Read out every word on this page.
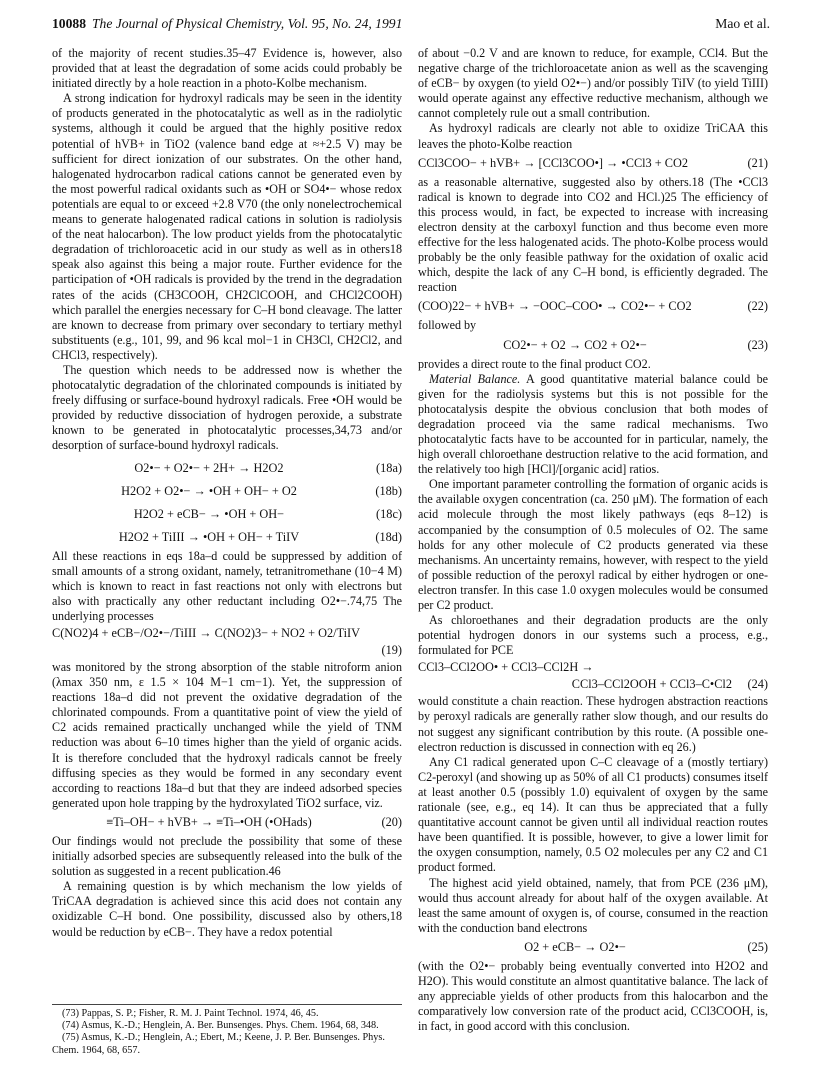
10088 The Journal of Physical Chemistry, Vol. 95, No. 24, 1991	Mao et al.

of the majority of recent studies.35–47 Evidence is, however, also provided that at least the degradation of some acids could probably be initiated directly by a hole reaction in a photo-Kolbe mechanism.

A strong indication for hydroxyl radicals may be seen in the identity of products generated in the photocatalytic as well as in the radiolytic systems, although it could be argued that the highly positive redox potential of hVB+ in TiO2 (valence band edge at ≈+2.5 V) may be sufficient for direct ionization of our substrates. On the other hand, halogenated hydrocarbon radical cations cannot be generated even by the most powerful radical oxidants such as •OH or SO4•− whose redox potentials are equal to or exceed +2.8 V70 (the only nonelectrochemical means to generate halogenated radical cations in solution is radiolysis of the neat halocarbon). The low product yields from the photocatalytic degradation of trichloroacetic acid in our study as well as in others18 speak also against this being a major route. Further evidence for the participation of •OH radicals is provided by the trend in the degradation rates of the acids (CH3COOH, CH2ClCOOH, and CHCl2COOH) which parallel the energies necessary for C–H bond cleavage. The latter are known to decrease from primary over secondary to tertiary methyl substituents (e.g., 101, 99, and 96 kcal mol−1 in CH3Cl, CH2Cl2, and CHCl3, respectively).

The question which needs to be addressed now is whether the photocatalytic degradation of the chlorinated compounds is initiated by freely diffusing or surface-bound hydroxyl radicals. Free •OH would be provided by reductive dissociation of hydrogen peroxide, a substrate known to be generated in photocatalytic processes,34,73 and/or desorption of surface-bound hydroxyl radicals.

O2•− + O2•− + 2H+ → H2O2	(18a)
H2O2 + O2•− → •OH + OH− + O2	(18b)
H2O2 + eCB− → •OH + OH−	(18c)
H2O2 + TiIII → •OH + OH− + TiIV	(18d)

All these reactions in eqs 18a–d could be suppressed by addition of small amounts of a strong oxidant, namely, tetranitromethane (10−4 M) which is known to react in fast reactions not only with electrons but also with practically any other reductant including O2•−.74,75 The underlying processes

C(NO2)4 + eCB−/O2•−/TiIII → C(NO2)3− + NO2 + O2/TiIV
(19)

was monitored by the strong absorption of the stable nitroform anion (λmax 350 nm, ε 1.5 × 104 M−1 cm−1). Yet, the suppression of reactions 18a–d did not prevent the oxidative degradation of the chlorinated compounds. From a quantitative point of view the yield of C2 acids remained practically unchanged while the yield of TNM reduction was about 6–10 times higher than the yield of organic acids. It is therefore concluded that the hydroxyl radicals cannot be freely diffusing species as they would be formed in any secondary event according to reactions 18a–d but that they are indeed adsorbed species generated upon hole trapping by the hydroxylated TiO2 surface, viz.

≡Ti–OH− + hVB+ → ≡Ti–•OH (•OHads)	(20)

Our findings would not preclude the possibility that some of these initially adsorbed species are subsequently released into the bulk of the solution as suggested in a recent publication.46

A remaining question is by which mechanism the low yields of TriCAA degradation is achieved since this acid does not contain any oxidizable C–H bond. One possibility, discussed also by others,18 would be reduction by eCB−. They have a redox potential

(73) Pappas, S. P.; Fisher, R. M. J. Paint Technol. 1974, 46, 45.
(74) Asmus, K.-D.; Henglein, A. Ber. Bunsenges. Phys. Chem. 1964, 68, 348.
(75) Asmus, K.-D.; Henglein, A.; Ebert, M.; Keene, J. P. Ber. Bunsenges. Phys. Chem. 1964, 68, 657.

of about −0.2 V and are known to reduce, for example, CCl4. But the negative charge of the trichloroacetate anion as well as the scavenging of eCB− by oxygen (to yield O2•−) and/or possibly TiIV (to yield TiIII) would operate against any effective reductive mechanism, although we cannot completely rule out a small contribution.

As hydroxyl radicals are clearly not able to oxidize TriCAA this leaves the photo-Kolbe reaction

CCl3COO− + hVB+ → [CCl3COO•] → •CCl3 + CO2	(21)

as a reasonable alternative, suggested also by others.18 (The •CCl3 radical is known to degrade into CO2 and HCl.)25 The efficiency of this process would, in fact, be expected to increase with increasing electron density at the carboxyl function and thus become even more effective for the less halogenated acids. The photo-Kolbe process would probably be the only feasible pathway for the oxidation of oxalic acid which, despite the lack of any C–H bond, is efficiently degraded. The reaction

(COO)22− + hVB+ → −OOC–COO• → CO2•− + CO2	(22)

followed by

CO2•− + O2 → CO2 + O2•−	(23)

provides a direct route to the final product CO2.

Material Balance. A good quantitative material balance could be given for the radiolysis systems but this is not possible for the photocatalysis despite the obvious conclusion that both modes of degradation proceed via the same radical mechanisms. Two photocatalytic facts have to be accounted for in particular, namely, the high overall chloroethane destruction relative to the acid formation, and the relatively too high [HCl]/[organic acid] ratios.

One important parameter controlling the formation of organic acids is the available oxygen concentration (ca. 250 μM). The formation of each acid molecule through the most likely pathways (eqs 8–12) is accompanied by the consumption of 0.5 molecules of O2. The same holds for any other molecule of C2 products generated via these mechanisms. An uncertainty remains, however, with respect to the yield of possible reduction of the peroxyl radical by either hydrogen or one-electron transfer. In this case 1.0 oxygen molecules would be consumed per C2 product.

As chloroethanes and their degradation products are the only potential hydrogen donors in our systems such a process, e.g., formulated for PCE

CCl3–CCl2OO• + CCl3–CCl2H →
CCl3–CCl2OOH + CCl3–C•Cl2 (24)

would constitute a chain reaction. These hydrogen abstraction reactions by peroxyl radicals are generally rather slow though, and our results do not suggest any significant contribution by this route. (A possible one-electron reduction is discussed in connection with eq 26.)

Any C1 radical generated upon C–C cleavage of a (mostly tertiary) C2-peroxyl (and showing up as 50% of all C1 products) consumes itself at least another 0.5 (possibly 1.0) equivalent of oxygen by the same rationale (see, e.g., eq 14). It can thus be appreciated that a fully quantitative account cannot be given until all individual reaction routes have been quantified. It is possible, however, to give a lower limit for the oxygen consumption, namely, 0.5 O2 molecules per any C2 and C1 product formed.

The highest acid yield obtained, namely, that from PCE (236 μM), would thus account already for about half of the oxygen available. At least the same amount of oxygen is, of course, consumed in the reaction with the conduction band electrons

O2 + eCB− → O2•−	(25)

(with the O2•− probably being eventually converted into H2O2 and H2O). This would constitute an almost quantitative balance. The lack of any appreciable yields of other products from this halocarbon and the comparatively low conversion rate of the product acid, CCl3COOH, is, in fact, in good accord with this conclusion.
